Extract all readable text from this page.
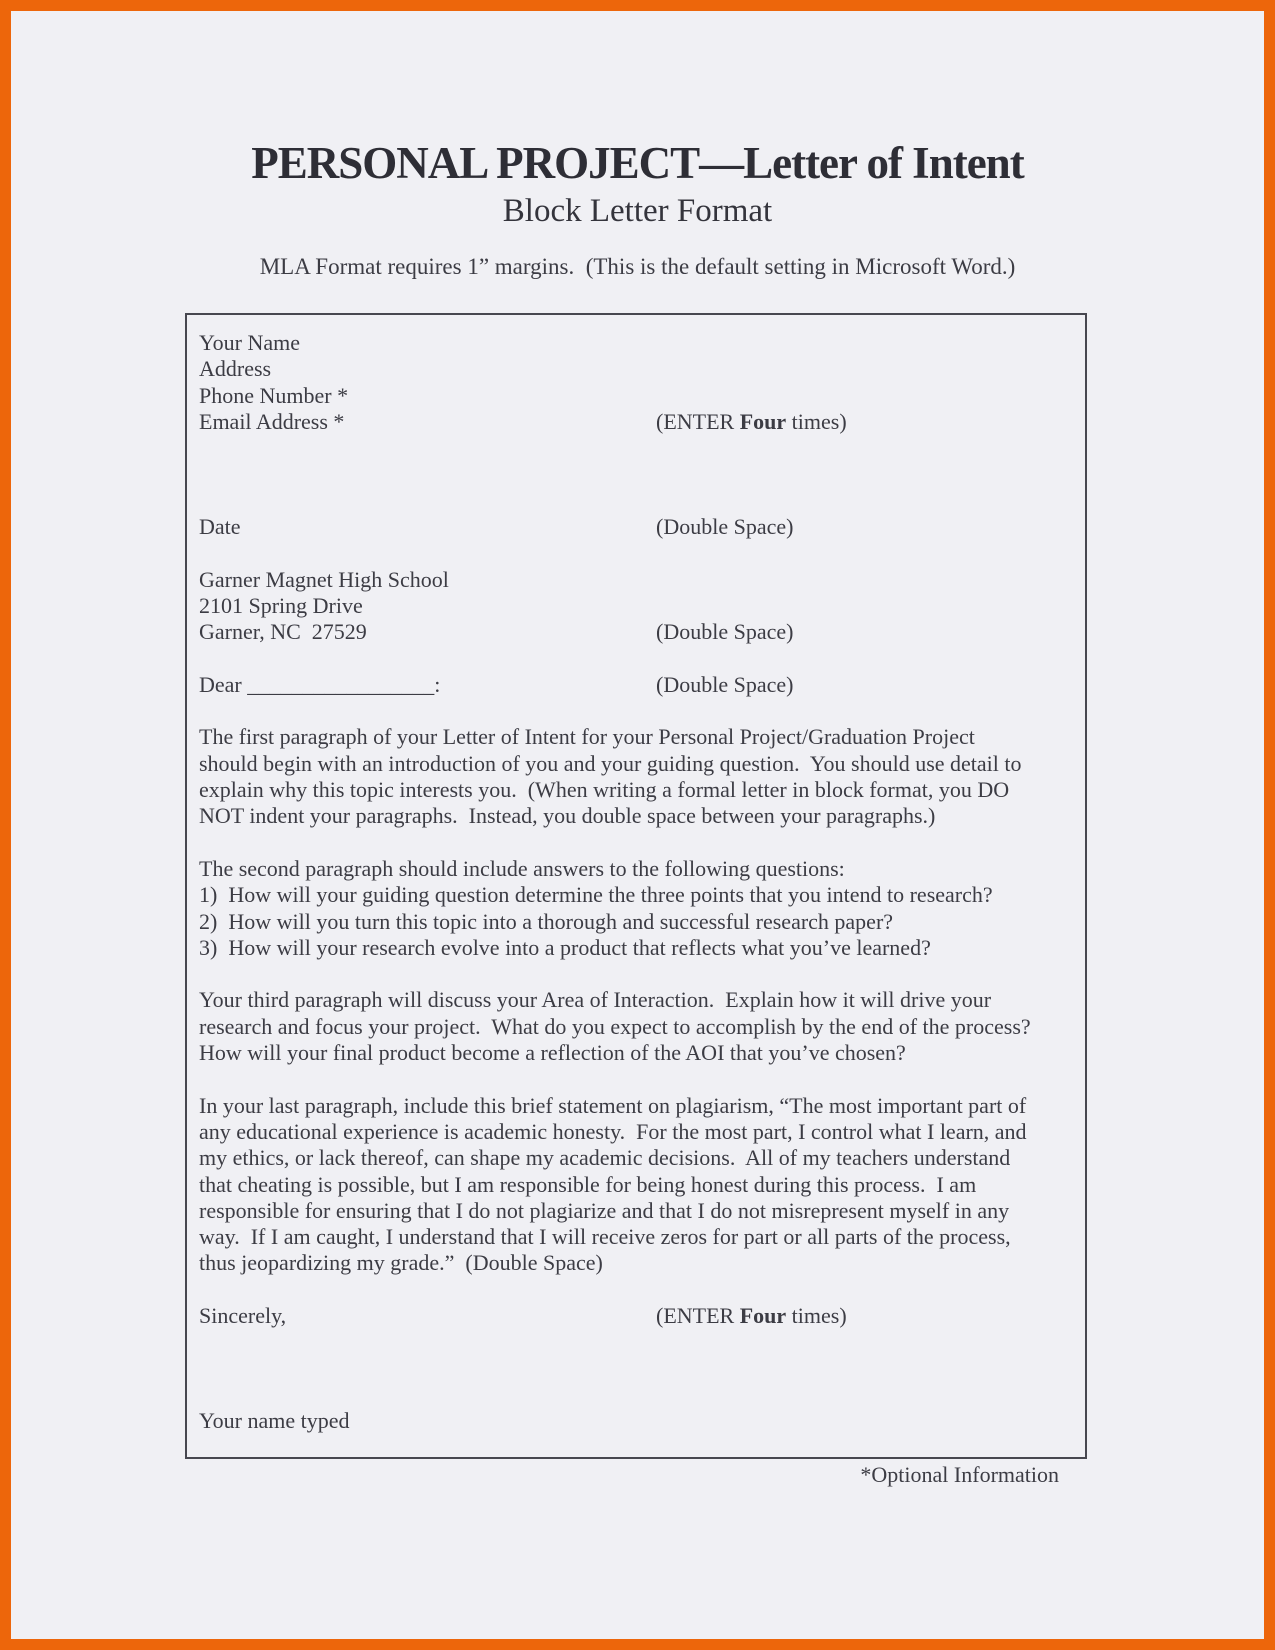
PERSONAL PROJECT—Letter of Intent
Block Letter Format
MLA Format requires 1” margins.  (This is the default setting in Microsoft Word.)
Your Name
Address
Phone Number *
Email Address *	(ENTER Four times)
Date	(Double Space)
Garner Magnet High School
2101 Spring Drive
Garner, NC  27529	(Double Space)
Dear _________________:	(Double Space)
The first paragraph of your Letter of Intent for your Personal Project/Graduation Project
should begin with an introduction of you and your guiding question.  You should use detail to
explain why this topic interests you.  (When writing a formal letter in block format, you DO
NOT indent your paragraphs.  Instead, you double space between your paragraphs.)
The second paragraph should include answers to the following questions:
1)  How will your guiding question determine the three points that you intend to research?
2)  How will you turn this topic into a thorough and successful research paper?
3)  How will your research evolve into a product that reflects what you’ve learned?
Your third paragraph will discuss your Area of Interaction.  Explain how it will drive your
research and focus your project.  What do you expect to accomplish by the end of the process?
How will your final product become a reflection of the AOI that you’ve chosen?
In your last paragraph, include this brief statement on plagiarism, “The most important part of
any educational experience is academic honesty.  For the most part, I control what I learn, and
my ethics, or lack thereof, can shape my academic decisions.  All of my teachers understand
that cheating is possible, but I am responsible for being honest during this process.  I am
responsible for ensuring that I do not plagiarize and that I do not misrepresent myself in any
way.  If I am caught, I understand that I will receive zeros for part or all parts of the process,
thus jeopardizing my grade.”  (Double Space)
Sincerely,	(ENTER Four times)
Your name typed
*Optional Information
